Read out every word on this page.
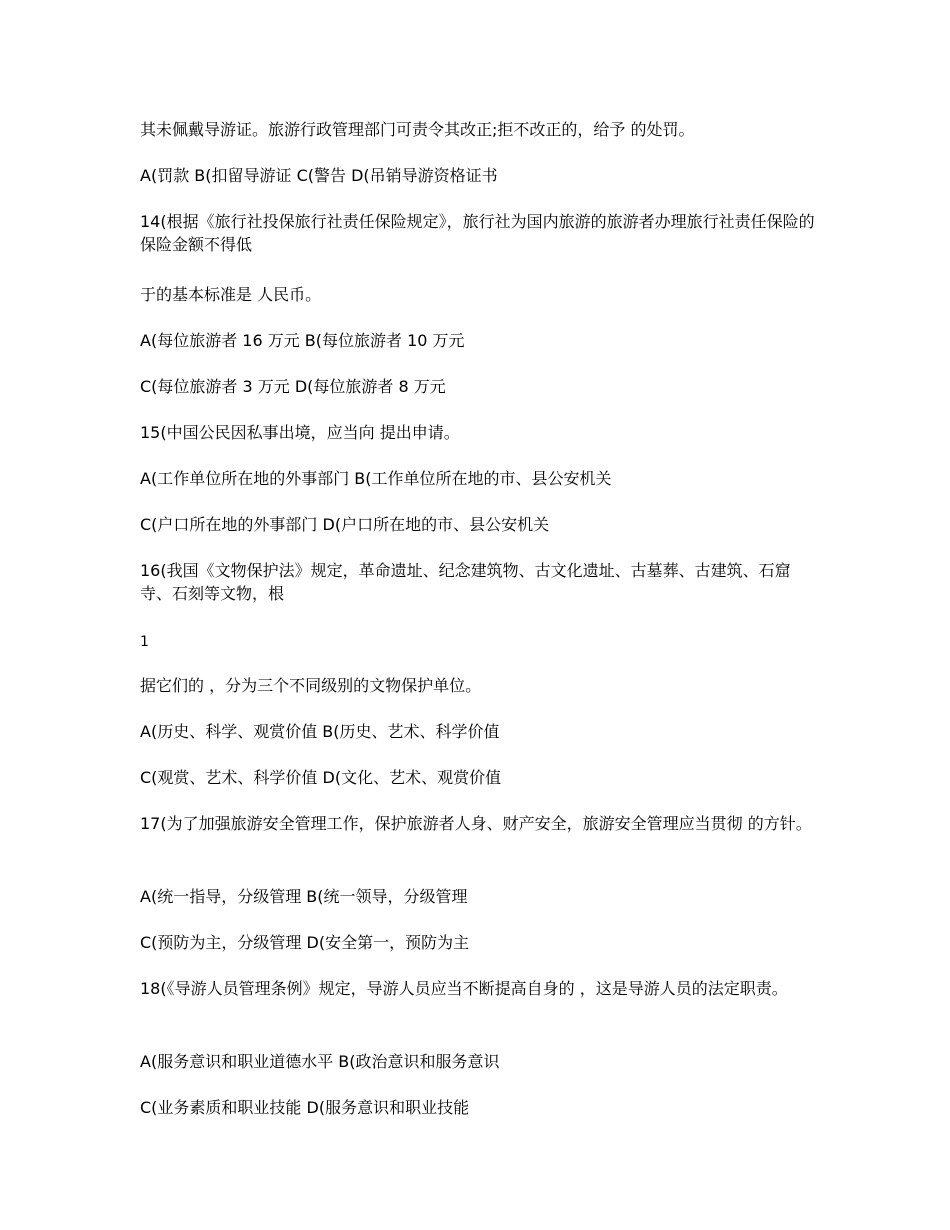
其未佩戴导游证。旅游行政管理部门可责令其改正;拒不改正的，给予 的处罚。
A(罚款 B(扣留导游证 C(警告 D(吊销导游资格证书
14(根据《旅行社投保旅行社责任保险规定》，旅行社为国内旅游的旅游者办理旅行社责任保险的保险金额不得低
于的基本标准是 人民币。
A(每位旅游者 16 万元 B(每位旅游者 10 万元
C(每位旅游者 3 万元 D(每位旅游者 8 万元
15(中国公民因私事出境，应当向 提出申请。
A(工作单位所在地的外事部门 B(工作单位所在地的市、县公安机关
C(户口所在地的外事部门 D(户口所在地的市、县公安机关
16(我国《文物保护法》规定，革命遗址、纪念建筑物、古文化遗址、古墓葬、古建筑、石窟寺、石刻等文物，根
1
据它们的 ，分为三个不同级别的文物保护单位。
A(历史、科学、观赏价值 B(历史、艺术、科学价值
C(观赏、艺术、科学价值 D(文化、艺术、观赏价值
17(为了加强旅游安全管理工作，保护旅游者人身、财产安全，旅游安全管理应当贯彻 的方针。
A(统一指导，分级管理 B(统一领导，分级管理
C(预防为主，分级管理 D(安全第一，预防为主
18(《导游人员管理条例》规定，导游人员应当不断提高自身的 ，这是导游人员的法定职责。
A(服务意识和职业道德水平 B(政治意识和服务意识
C(业务素质和职业技能 D(服务意识和职业技能
